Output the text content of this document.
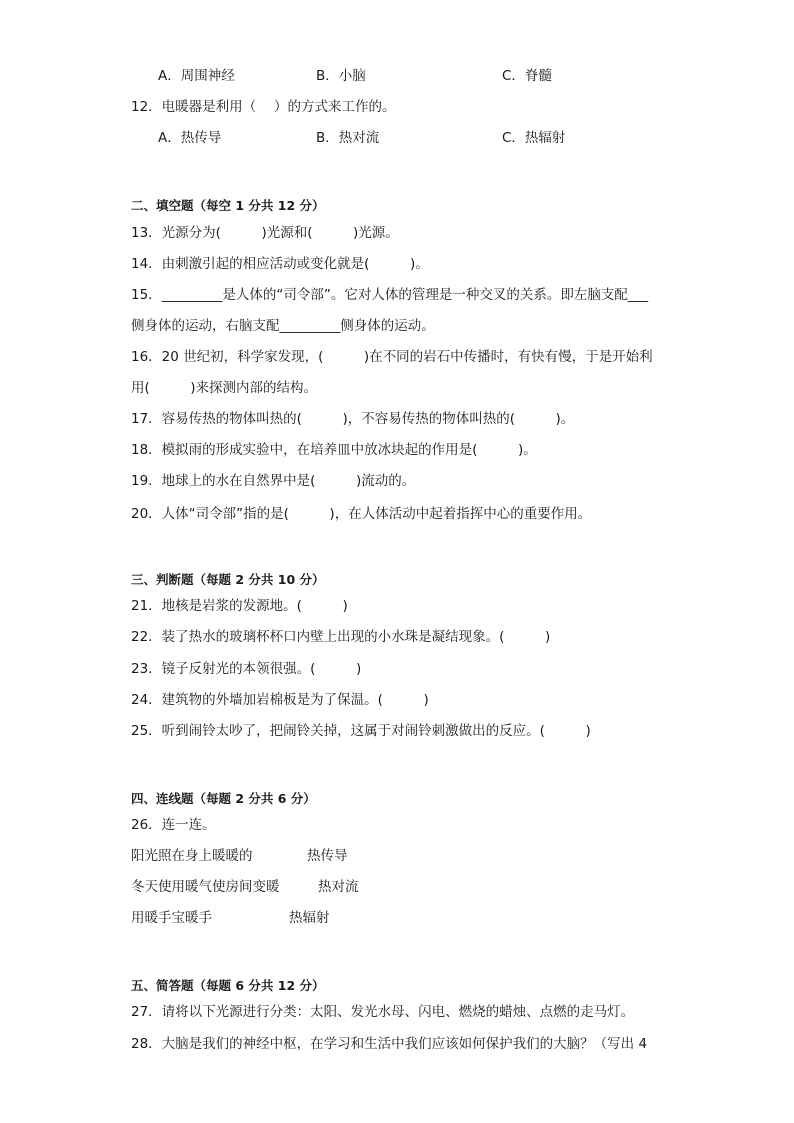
A．周围神经	B．小脑	C．脊髓
12．电暖器是利用（　 ）的方式来工作的。
A．热传导	B．热对流	C．热辐射
二、填空题（每空 1 分共 12 分）
13．光源分为(　　　)光源和(　　　)光源。
14．由刺激引起的相应活动或变化就是(　　　)。
15．_________是人体的“司令部”。它对人体的管理是一种交叉的关系。即左脑支配___
侧身体的运动，右脑支配_________侧身体的运动。
16．20 世纪初，科学家发现，(　　　)在不同的岩石中传播时，有快有慢，于是开始利
用(　　　)来探测内部的结构。
17．容易传热的物体叫热的(　　　)，不容易传热的物体叫热的(　　　)。
18．模拟雨的形成实验中，在培养皿中放冰块起的作用是(　　　)。
19．地球上的水在自然界中是(　　　)流动的。
20．人体“司令部”指的是(　　　)，在人体活动中起着指挥中心的重要作用。
三、判断题（每题 2 分共 10 分）
21．地核是岩浆的发源地。(　　　)
22．装了热水的玻璃杯杯口内壁上出现的小水珠是凝结现象。(　　　)
23．镜子反射光的本领很强。(　　　)
24．建筑物的外墙加岩棉板是为了保温。(　　　)
25．听到闹铃太吵了，把闹铃关掉，这属于对闹铃刺激做出的反应。(　　　)
四、连线题（每题 2 分共 6 分）
26．连一连。
阳光照在身上暖暖的	热传导
冬天使用暖气使房间变暖	热对流
用暖手宝暖手	热辐射
五、简答题（每题 6 分共 12 分）
27．请将以下光源进行分类：太阳、发光水母、闪电、燃烧的蜡烛、点燃的走马灯。
28．大脑是我们的神经中枢，在学习和生活中我们应该如何保护我们的大脑？（写出 4
